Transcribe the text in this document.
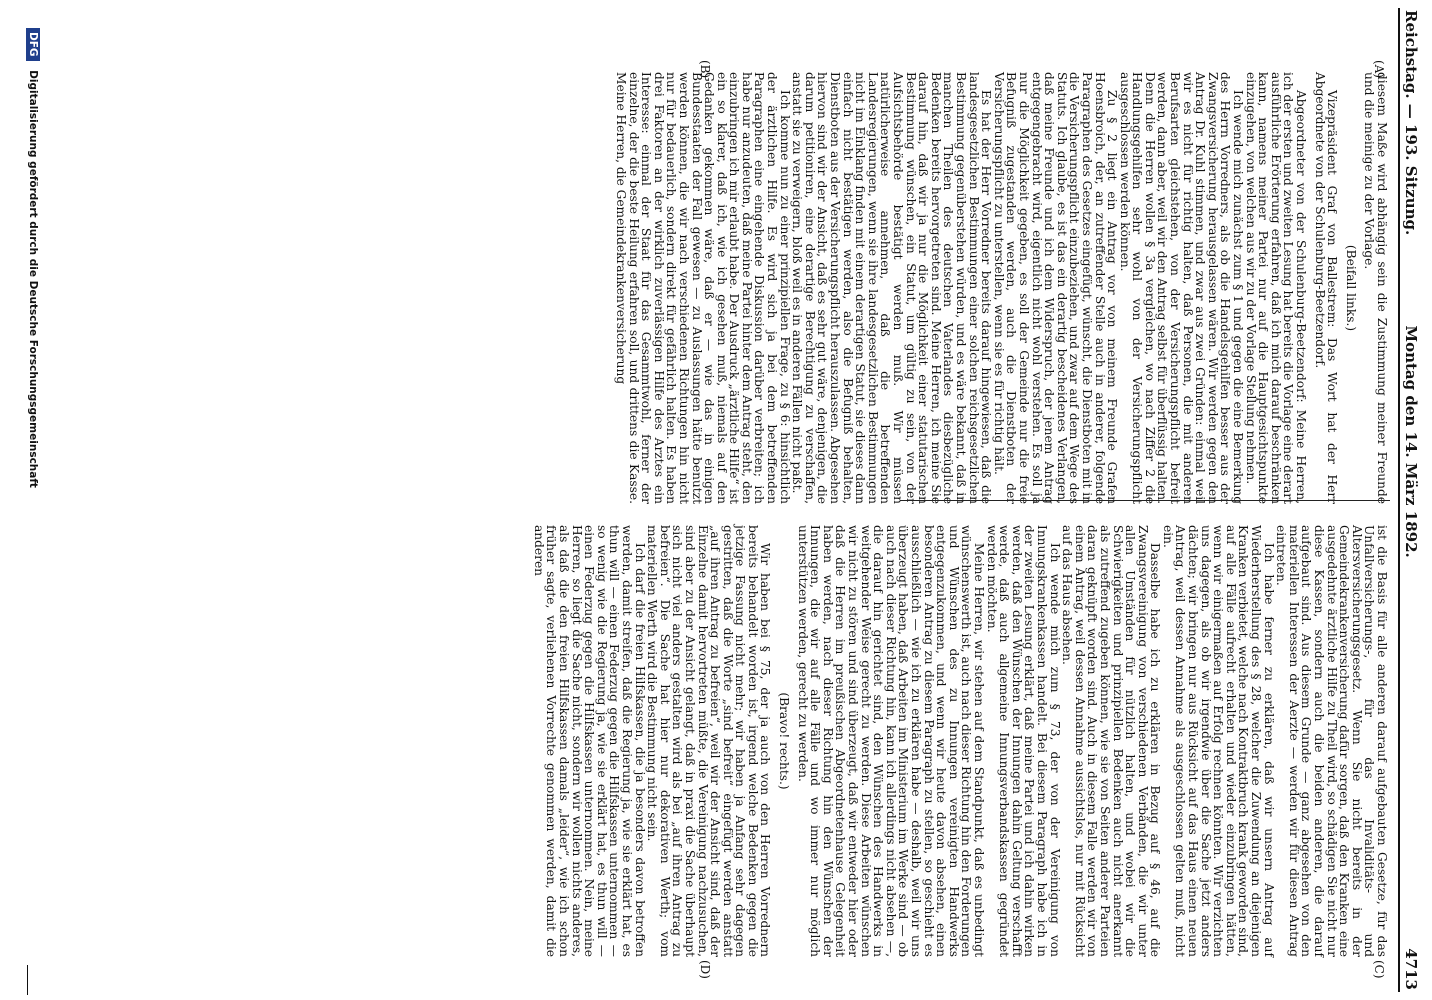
Reichstag. — 193. Sitzung.
Montag den 14. März 1892.  4713
(A)
(B)
(C)
(D)

diesem Maße wird abhängig sein die Zustimmung meiner Freunde und die meinige zu der Vorlage.

(Beifall links.)

Vizepräsident Graf von Ballestrem: Das Wort hat der Herr Abgeordnete von der Schulenburg-Beetzendorf.

Abgeordneter von der Schulenburg-Beetzendorf: Meine Herren, ich der ersten und zweiten Lesung hat bereits die Vorlage eine derart ausführliche Erörterung erfahren, daß ich mich darauf beschränken kann, namens meiner Partei nur auf die Hauptgesichtspunkte einzugehen, von welchen aus wir zu der Vorlage Stellung nehmen.

Ich wende mich zunächst zum § 1 und gegen die eine Bemerkung des Herrn Vorredners, als ob die Handelsgehilfen besser aus der Zwangsversicherung herausgelassen wären. Wir werden gegen den Antrag Dr. Kuhl stimmen, und zwar aus zwei Gründen: einmal weil wir es nicht für richtig halten, daß Personen, die mit anderen Berufsarten gleichstehen, von der Versicherungspflicht befreit werden, dann aber, weil wir den Antrag selbst für überflüssig halten. Denn die Herren wollen § 3a vergleichen, wo nach Ziffer 2 die Handlungsgehilfen sehr wohl von der Versicherungspflicht ausgeschlossen werden können.

Zu § 2 liegt ein Antrag vor von meinem Freunde Grafen Hoensbroich, der, an zutreffender Stelle auch in anderer, folgende Paragraphen des Gesetzes eingefügt, wünscht, die Dienstboten mit in die Versicherungspflicht einzubeziehen, und zwar auf dem Wege des Statuts. Ich glaube, es ist das ein derartig bescheidenes Verlangen, daß meine Freunde und ich dem Widerspruch, der jenem Antrag entgegengebracht wird, eigentlich nicht wohl verstehen. Es soll ja nur die Möglichkeit gegeben, es soll der Gemeinde nur die freie Befugniß zugestanden werden, auch die Dienstboten der Versicherungspflicht zu unterstellen, wenn sie es für richtig hält.

Es hat der Herr Vorredner bereits darauf hingewiesen, daß die landesgesetzlichen Bestimmungen einer solchen reichsgesetzlichen Bestimmung gegenüberstehen würden, und es wäre bekannt, daß in manchen Theilen des deutschen Vaterlandes diesbezügliche Bedenken bereits hervorgetreten sind. Meine Herren, ich meine Sie darauf hin, daß wir ja nur die Möglichkeit einer statutarischen Bestimmung wünschen, ein Statut, um gültig zu sein, von der Aufsichtsbehörde bestätigt werden muß. Wir müssen natürlicherweise annehmen, daß die betreffenden Landesregierungen, wenn sie ihre landesgesetzlichen Bestimmungen nicht im Einklang finden mit einem derartigen Statut, sie dieses dann einfach nicht bestätigen werden, also die Befugniß behalten, Dienstboten aus der Versicherungspflicht herauszulassen. Abgesehen hiervon sind wir der Ansicht, daß es sehr gut wäre, denjenigen, die darum petitioniren, eine derartige Berechtigung zu verschaffen, anstatt sie zu verweigern, bloß weil es in anderen Fällen nicht paßt.

Ich komme nun zu einer prinzipiellen Frage, zu § 6: hinsichtlich der ärztlichen Hilfe. Es wird sich ja bei dem betreffenden Paragraphen eine eingehende Diskussion darüber verbreiten; ich habe nur anzudeuten, daß meine Partei hinter dem Antrag steht, den einzubringen ich mir erlaubt habe. Der Ausdruck „ärztliche Hilfe“ ist ein so klarer, daß ich, wie ich gesehen muß, niemals auf den Gedanken gekommen wäre, daß er — wie das in einigen Bundesstaaten der Fall gewesen — zu Auslassungen hätte benutzt werden können, die wir nach verschiedenen Richtungen hin nicht nur für bedauerlich, sondern direkt für gefährlich halten. Es haben drei Faktoren an der wirklich zuverlässigen Hilfe des Arztes ein Interesse: einmal der Staat für das Gesammtwohl, ferner der einzelne, der die beste Heilung erfahren soll, und drittens die Kasse. Meine Herren, die Gemeindekrankenversicherung

ist die Basis für alle anderen darauf aufgebauten Gesetze, für das Unfallversicherungs-, für das Invaliditäts- und Altersversicherungsgesetz. Wenn Sie nicht bereits in der Gemeindekrankenversicherung dafür sorgen, daß den Kranken eine ausgedehnte ärztliche Hilfe zu Theil wird, so schädigen Sie nicht nur diese Kassen, sondern auch die beiden anderen, die darauf aufgebaut sind. Aus diesem Grunde — ganz abgesehen von den materiellen Interessen der Aerzte — werden wir für diesen Antrag eintreten.

Ich habe ferner zu erklären, daß wir unsern Antrag auf Wiederherstellung des § 28, welcher die Zuwendung an diejenigen Kranken verbietet, welche nach Kontraktbruch krank geworden sind, auf alle Fälle aufrecht erhalten und wieder einzubringen hätten, wenn wir einigermaßen auf Erfolg rechnen könnten. Wir verzichten uns dagegen, als ob wir irgendwie über die Sache jetzt anders dächten; wir bringen nur aus Rücksicht auf das Haus einen neuen Antrag, weil dessen Annahme als ausgeschlossen gelten muß, nicht ein.

Dasselbe habe ich zu erklären in Bezug auf § 46, auf die Zwangsvereinigung von verschiedenen Verbänden, die wir unter allen Umständen für nützlich halten, und wobei wir die Schwierigkeiten und prinzipiellen Bedenken auch nicht anerkannt als zutreffend zugeben können, wie sie von Seiten anderer Parteien daran geknüpft worden sind. Auch in diesem Falle werden wir von einem Antrag, weil dessen Annahme aussichtslos, nur mit Rücksicht auf das Haus absehen.

Ich wende mich zum § 73, der von der Vereinigung von Innungskrankenkassen handelt. Bei diesem Paragraph habe ich in der zweiten Lesung erklärt, daß meine Partei und ich dahin wirken werden, daß den Wünschen der Innungen dahin Geltung verschafft werde, daß auch allgemeine Innungsverbandskassen gegründet werden möchten.

Meine Herren, wir stehen auf dem Standpunkt, daß es unbedingt wünschenswerth ist, auch nach dieser Richtung hin den Forderungen und Wünschen des zu Innungen vereinigten Handwerks entgegenzukommen, und wenn wir heute davon absehen, einen besonderen Antrag zu diesem Paragraph zu stellen, so geschieht es ausschließlich — wie ich zu erklären habe — deshalb, weil wir uns überzeugt haben, daß Arbeiten im Ministerium im Werke sind — ob auch nach dieser Richtung hin, kann ich allerdings nicht absehen —, die darauf hin gerichtet sind, den Wünschen des Handwerks in weitgehender Weise gerecht zu werden. Diese Arbeiten wünschen wir nicht zu stören und sind überzeugt, daß wir entweder hier oder daß die Herren im preußischen Abgeordnetenhause Gelegenheit haben werden, nach dieser Richtung hin den Wünschen der Innungen, die wir auf alle Fälle und wo immer nur möglich unterstützen werden, gerecht zu werden.

(Bravo! rechts.)

Wir haben bei § 75, der ja auch von den Herren Vorrednern bereits behandelt worden ist, irgend welche Bedenken gegen die jetzige Fassung nicht mehr; wir haben ja Anfang sehr dagegen gestritten, daß die Worte „sind befreit“ eingefügt werden anstatt „auf ihren Antrag zu befreien“, weil wir der Ansicht sind, daß der Einzelne damit hervortreten müßte, die Vereinigung nachzusuchen, sind aber zu der Ansicht gelangt, daß in praxi die Sache überhaupt sich nicht viel anders gestalten wird als bei „auf ihren Antrag zu befreien“. Die Sache hat hier nur dekorativen Werth; vom materiellen Werth wird die Bestimmung nicht sein.

Ich darf die freien Hilfskassen, die ja besonders davon betroffen werden, damit streifen, daß die Regierung ja, wie sie erklärt hat, es thun will — einen Federzug gegen die Hilfskassen unternommen — so wenig wie die Regierung ja, wie sie erklärt hat, es thun will — einen Federzug gegen die Hilfskassen unternommen. Nein, meine Herren, so liegt die Sache nicht, sondern wir wollen nichts anderes, als daß die den freien Hilfskassen damals „leider“, wie ich schon früher sagte, verliehenen Vorrechte genommen werden, damit die anderen

DFG Digitalisierung gefördert durch die Deutsche Forschungsgemeinschaft
